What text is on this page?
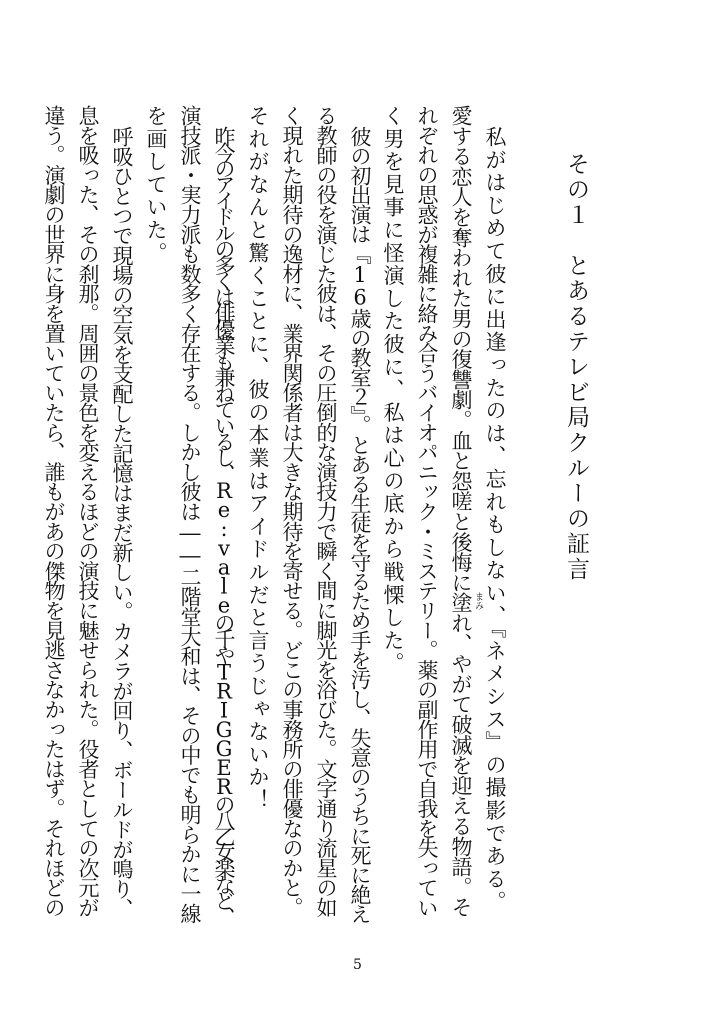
その１　とあるテレビ局クルーの証言
私がはじめて彼に出逢ったのは、忘れもしない、『ネメシス』の撮影である。
愛する恋人を奪われた男の復讐劇。血と怨嗟と後悔に塗れ、やがて破滅を迎える物語。そ
れぞれの思惑が複雑に絡み合うバイオパニック・ミステリー。薬の副作用で自我を失ってい
く男を見事に怪演した彼に、私は心の底から戦慄した。
彼の初出演は『16歳の教室２』。とある生徒を守るため手を汚し、失意のうちに死に絶え
る教師の役を演じた彼は、その圧倒的な演技力で瞬く間に脚光を浴びた。文字通り流星の如
く現れた期待の逸材に、業界関係者は大きな期待を寄せる。どこの事務所の俳優なのかと。
それがなんと驚くことに、彼の本業はアイドルだと言うじゃないか！
昨今のアイドルの多くは俳優業も兼ねているし、Re:valeの千やTRIGGERの八乙女楽など、
演技派・実力派も数多く存在する。しかし彼は――二階堂大和は、その中でも明らかに一線
を画していた。
呼吸ひとつで現場の空気を支配した記憶はまだ新しい。カメラが回り、ボールドが鳴り、
息を吸った、その刹那。周囲の景色を変えるほどの演技に魅せられた。役者としての次元が
違う。演劇の世界に身を置いていたら、誰もがあの傑物を見逃さなかったはず。それほどの	まみ
5
